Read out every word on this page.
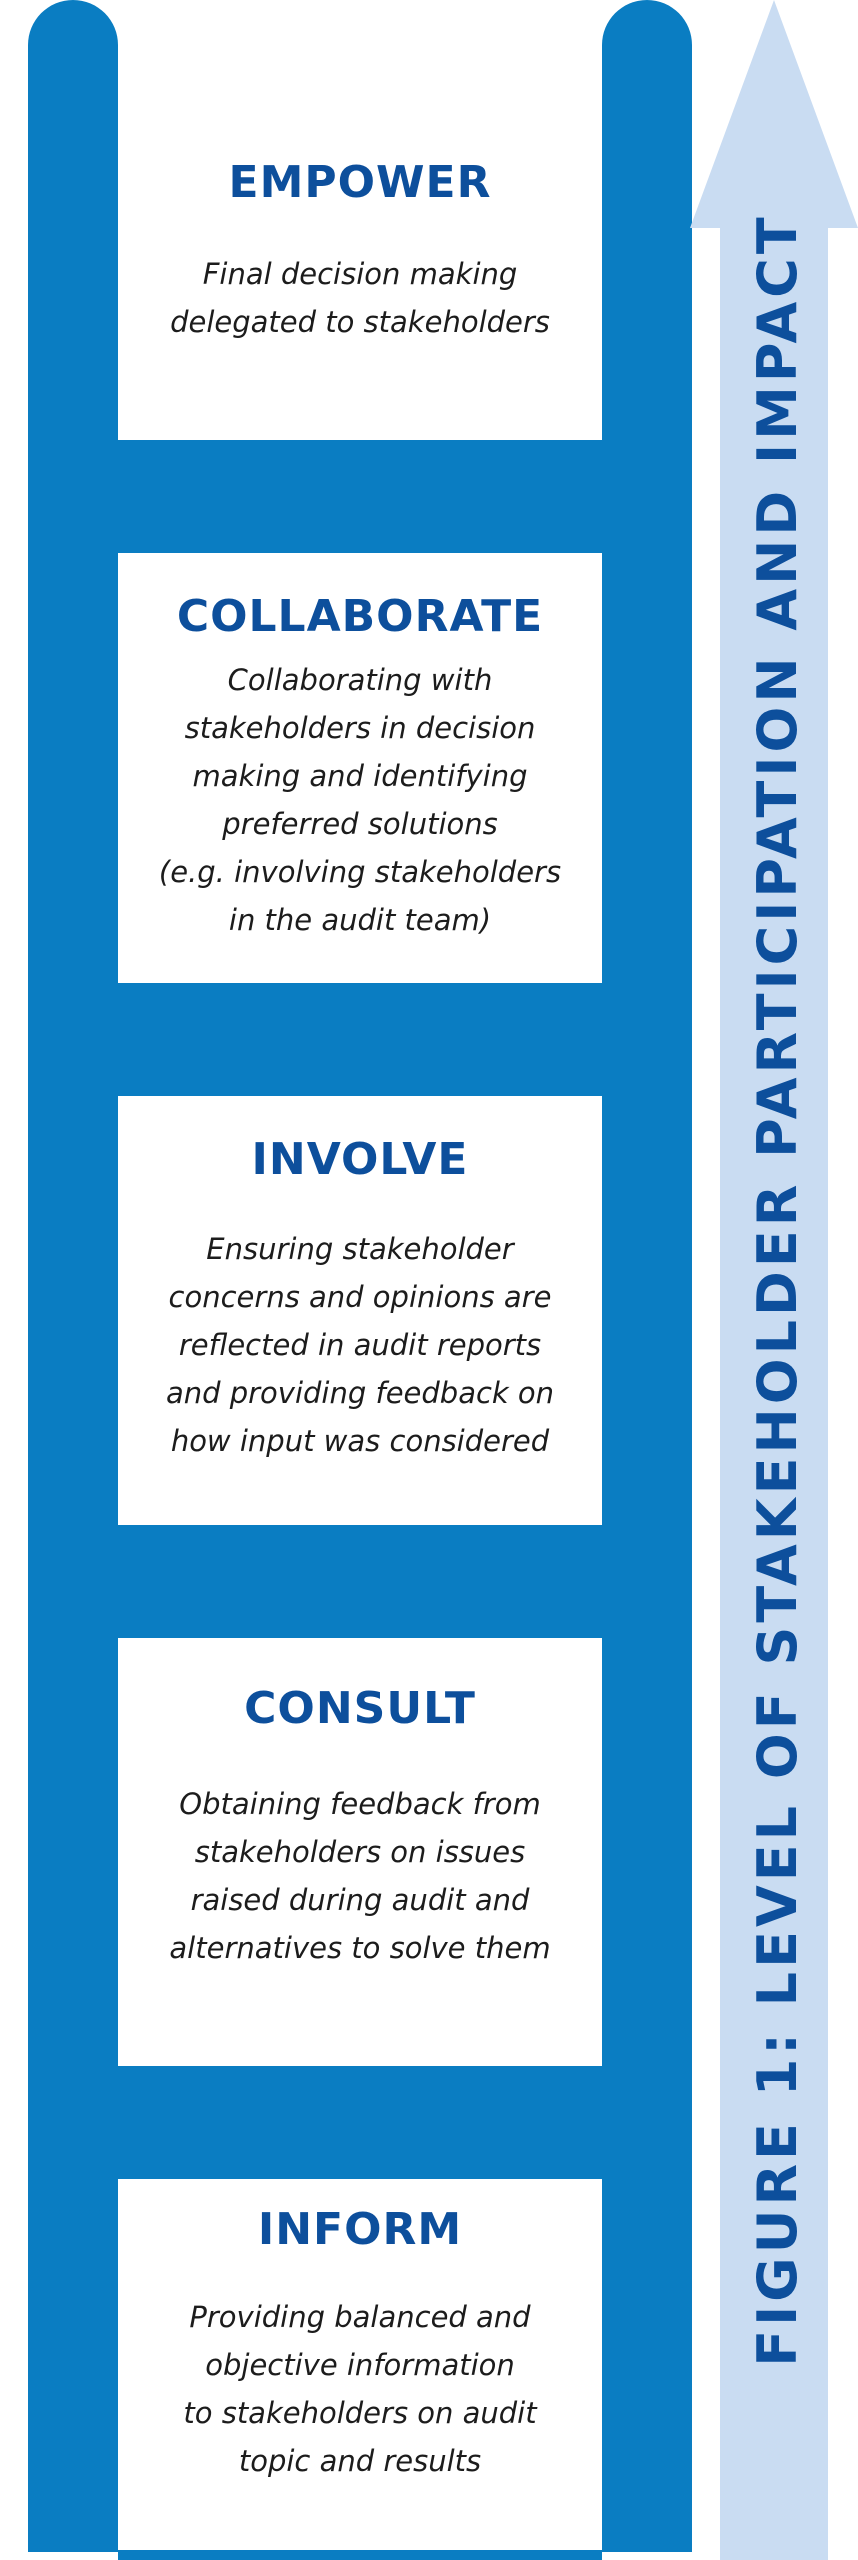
EMPOWER

Final decision making
delegated to stakeholders

COLLABORATE

Collaborating with
stakeholders in decision
making and identifying
preferred solutions
(e.g. involving stakeholders
in the audit team)

INVOLVE

Ensuring stakeholder
concerns and opinions are
reflected in audit reports
and providing feedback on
how input was considered

CONSULT

Obtaining feedback from
stakeholders on issues
raised during audit and
alternatives to solve them

INFORM

Providing balanced and
objective information
to stakeholders on audit
topic and results
FIGURE 1: LEVEL OF STAKEHOLDER PARTICIPATION AND IMPACT
